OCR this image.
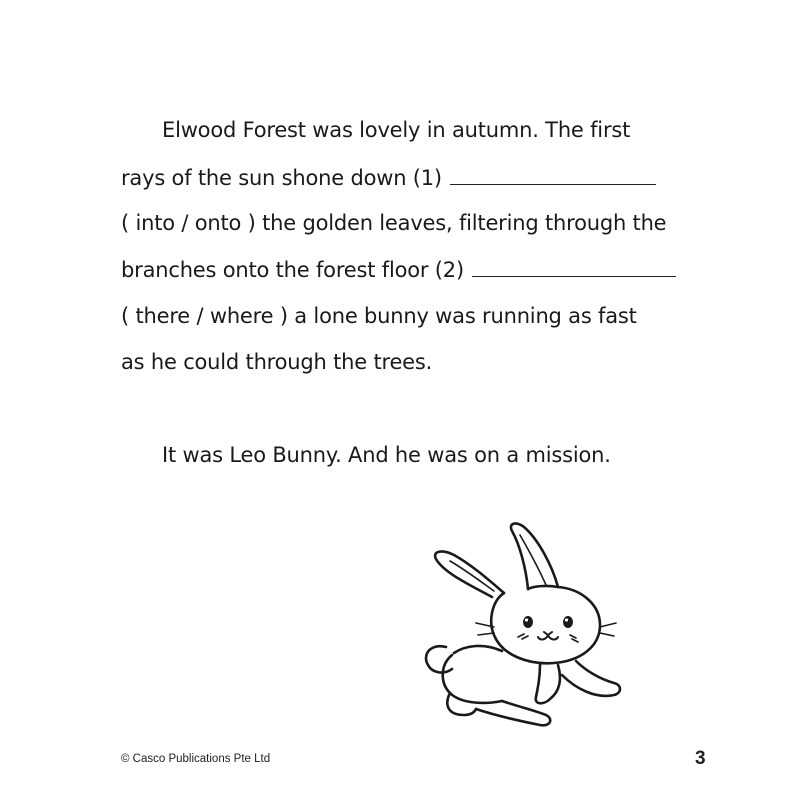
Elwood Forest was lovely in autumn. The first
rays of the sun shone down (1)
( into / onto ) the golden leaves, filtering through the
branches onto the forest floor (2)
( there / where ) a lone bunny was running as fast
as he could through the trees.
It was Leo Bunny. And he was on a mission.
© Casco Publications Pte Ltd	3
